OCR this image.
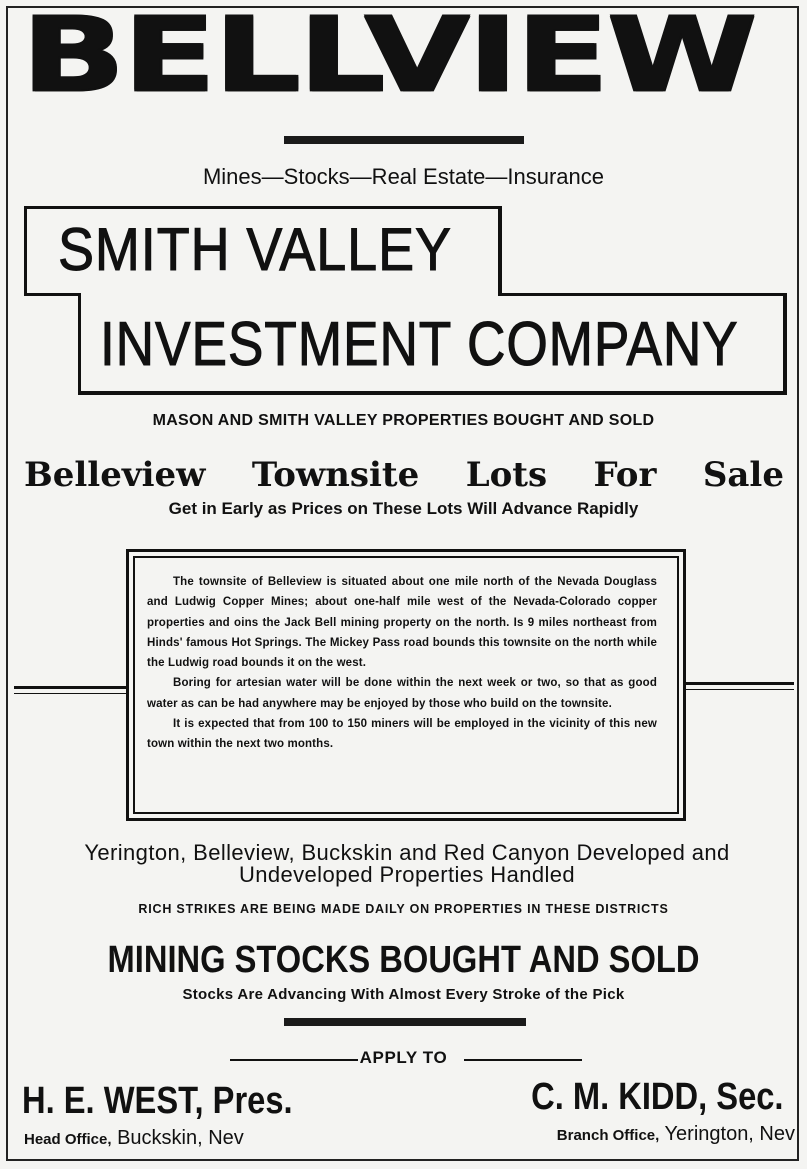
BELLVIEW
Mines—Stocks—Real Estate—Insurance
SMITH VALLEY
INVESTMENT COMPANY
MASON AND SMITH VALLEY PROPERTIES BOUGHT AND SOLD
Belleview Townsite Lots For Sale
Get in Early as Prices on These Lots Will Advance Rapidly

The townsite of Belleview is situated about one mile north of the Nevada Douglass and Ludwig Copper Mines; about one-half mile west of the Nevada-Colorado copper properties and oins the Jack Bell mining property on the north. Is 9 miles northeast from Hinds' famous Hot Springs. The Mickey Pass road bounds this townsite on the north while the Ludwig road bounds it on the west.

Boring for artesian water will be done within the next week or two, so that as good water as can be had anywhere may be enjoyed by those who build on the townsite.

It is expected that from 100 to 150 miners will be employed in the vicinity of this new town within the next two months.

Yerington, Belleview, Buckskin and Red Canyon Developed and
Undeveloped Properties Handled
RICH STRIKES ARE BEING MADE DAILY ON PROPERTIES IN THESE DISTRICTS
MINING STOCKS BOUGHT AND SOLD
Stocks Are Advancing With Almost Every Stroke of the Pick
APPLY TO
H. E. WEST, Pres.	C. M. KIDD, Sec.
Head Office, Buckskin, Nev	Branch Office, Yerington, Nev
